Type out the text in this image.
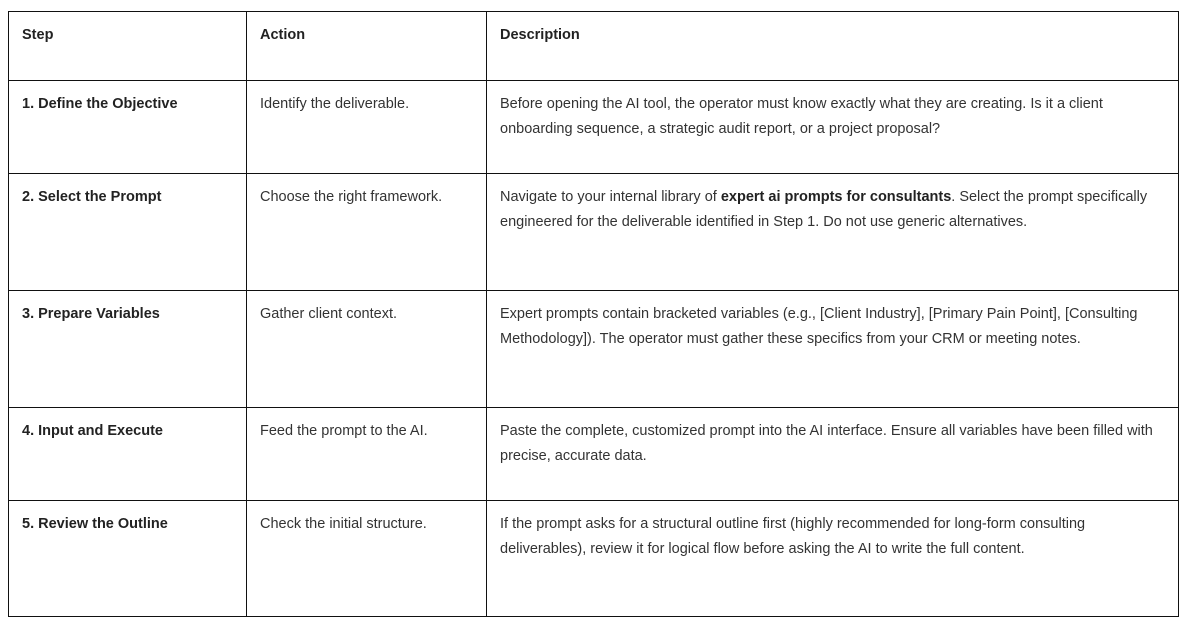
Step	Action	Description
1. Define the Objective	Identify the deliverable.	Before opening the AI tool, the operator must know exactly what they are creating. Is it a client onboarding sequence, a strategic audit report, or a project proposal?
2. Select the Prompt	Choose the right framework.	Navigate to your internal library of expert ai prompts for consultants. Select the prompt specifically engineered for the deliverable identified in Step 1. Do not use generic alternatives.
3. Prepare Variables	Gather client context.	Expert prompts contain bracketed variables (e.g., [Client Industry], [Primary Pain Point], [Consulting Methodology]). The operator must gather these specifics from your CRM or meeting notes.
4. Input and Execute	Feed the prompt to the AI.	Paste the complete, customized prompt into the AI interface. Ensure all variables have been filled with precise, accurate data.
5. Review the Outline	Check the initial structure.	If the prompt asks for a structural outline first (highly recommended for long-form consulting deliverables), review it for logical flow before asking the AI to write the full content.
